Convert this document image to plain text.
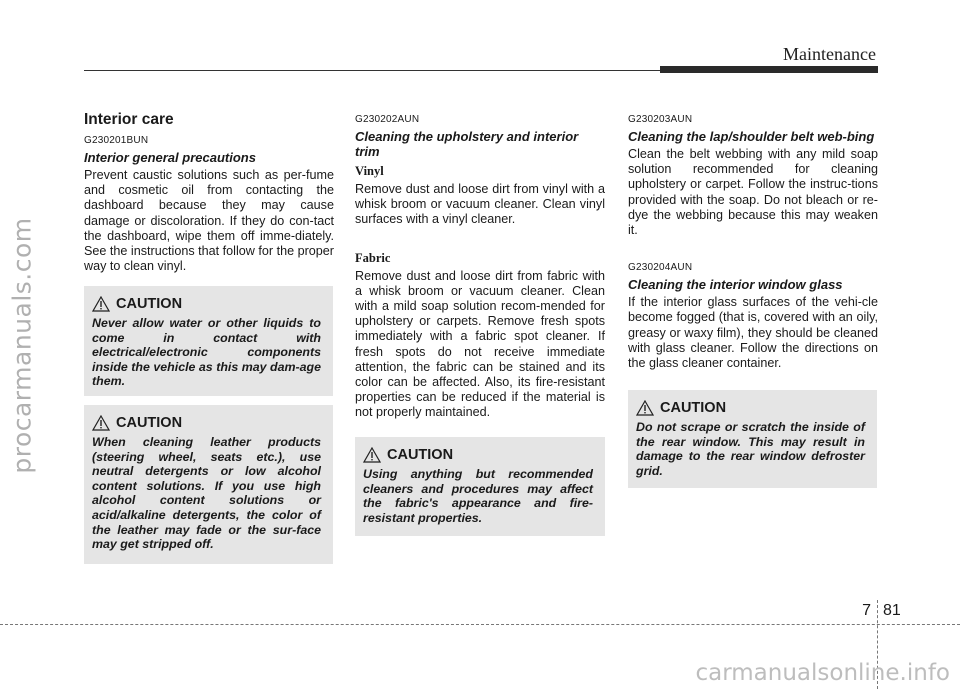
procarmanuals.com
Maintenance
Interior care
G230201BUN
Interior general precautions

Prevent caustic solutions such as per-fume and cosmetic oil from contacting the dashboard because they may cause damage or discoloration. If they do con-tact the dashboard, wipe them off imme-diately. See the instructions that follow for the proper way to clean vinyl.

CAUTION

Never allow water or other liquids to come in contact with electrical/electronic components inside the vehicle as this may dam-age them.

CAUTION

When cleaning leather products (steering wheel, seats etc.), use neutral detergents or low alcohol content solutions. If you use high alcohol content solutions or acid/alkaline detergents, the color of the leather may fade or the sur-face may get stripped off.

G230202AUN
Cleaning the upholstery and interior trim
Vinyl

Remove dust and loose dirt from vinyl with a whisk broom or vacuum cleaner. Clean vinyl surfaces with a vinyl cleaner.

Fabric

Remove dust and loose dirt from fabric with a whisk broom or vacuum cleaner. Clean with a mild soap solution recom-mended for upholstery or carpets. Remove fresh spots immediately with a fabric spot cleaner. If fresh spots do not receive immediate attention, the fabric can be stained and its color can be affected. Also, its fire-resistant properties can be reduced if the material is not properly maintained.

CAUTION

Using anything but recommended cleaners and procedures may affect the fabric's appearance and fire-resistant properties.

G230203AUN
Cleaning the lap/shoulder belt web-bing

Clean the belt webbing with any mild soap solution recommended for cleaning upholstery or carpet. Follow the instruc-tions provided with the soap. Do not bleach or re-dye the webbing because this may weaken it.

G230204AUN
Cleaning the interior window glass

If the interior glass surfaces of the vehi-cle become fogged (that is, covered with an oily, greasy or waxy film), they should be cleaned with glass cleaner. Follow the directions on the glass cleaner container.

CAUTION

Do not scrape or scratch the inside of the rear window. This may result in damage to the rear window defroster grid.

7 81
carmanualsonline.info
